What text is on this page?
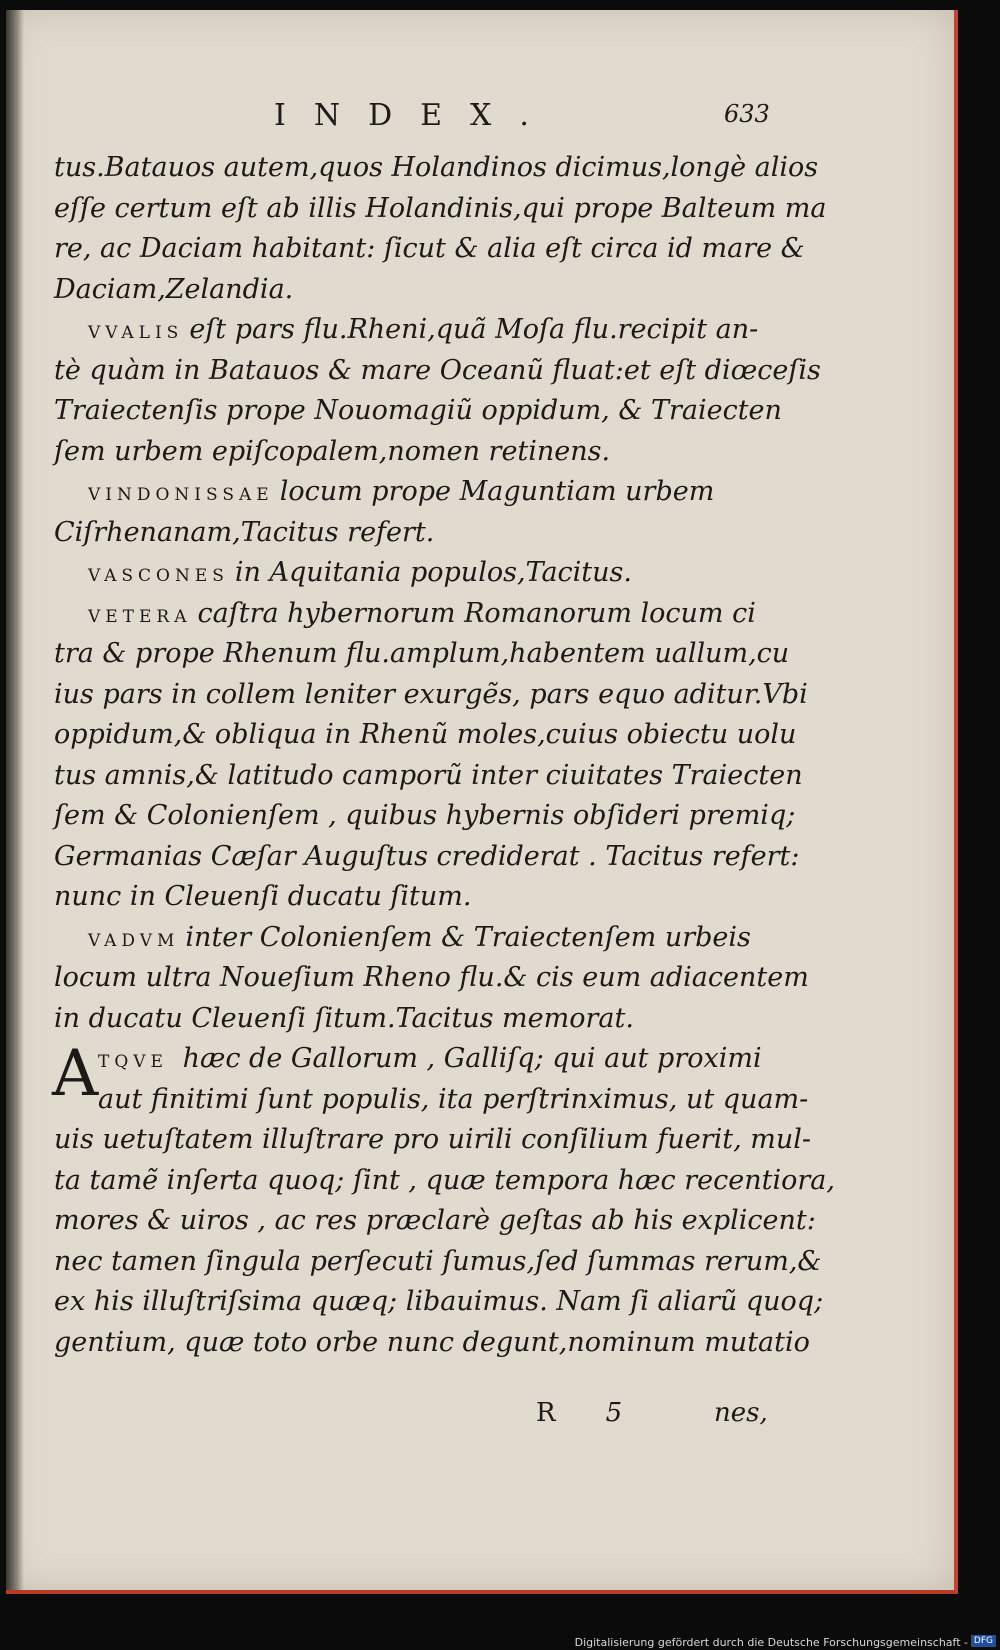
INDEX.	633
tus.Batauos autem,quos Holandinos dicimus,longè alios
eſſe certum eſt ab illis Holandinis,qui prope Balteum ma
re, ac Daciam habitant: ſicut & alia eſt circa id mare &
Daciam,Zelandia.
VVALIS eſt pars flu.Rheni,quã Moſa flu.recipit an-
tè quàm in Batauos & mare Oceanũ fluat:et eſt diœceſis
Traiectenſis prope Nouomagiũ oppidum, & Traiecten
ſem urbem epiſcopalem,nomen retinens.
VINDONISSAE locum prope Maguntiam urbem
Ciſrhenanam,Tacitus refert.
VASCONES in Aquitania populos,Tacitus.
VETERA caſtra hybernorum Romanorum locum ci
tra & prope Rhenum flu.amplum,habentem uallum,cu
ius pars in collem leniter exurgẽs, pars equo aditur.Vbi
oppidum,& obliqua in Rhenũ moles,cuius obiectu uolu
tus amnis,& latitudo camporũ inter ciuitates Traiecten
ſem & Colonienſem , quibus hybernis obſideri premiq;
Germanias Cæſar Auguſtus crediderat . Tacitus refert:
nunc in Cleuenſi ducatu ſitum.
VADVM inter Colonienſem & Traiectenſem urbeis
locum ultra Noueſium Rheno flu.& cis eum adiacentem
in ducatu Cleuenſi ſitum.Tacitus memorat.
A TQVE hæc de Gallorum , Galliſq; qui aut proximi
aut finitimi ſunt populis, ita perſtrinximus, ut quam-
uis uetuſtatem illuſtrare pro uirili conſilium fuerit, mul-
ta tamẽ inſerta quoq; ſint , quæ tempora hæc recentiora,
mores & uiros , ac res præclarè geſtas ab his explicent:
nec tamen ſingula perſecuti ſumus,ſed ſummas rerum,&
ex his illuſtriſsima quæq; libauimus. Nam ſi aliarũ quoq;
gentium, quæ toto orbe nunc degunt,nominum mutatio
R 5	nes,
Digitalisierung gefördert durch die Deutsche Forschungsgemeinschaft - DFG
